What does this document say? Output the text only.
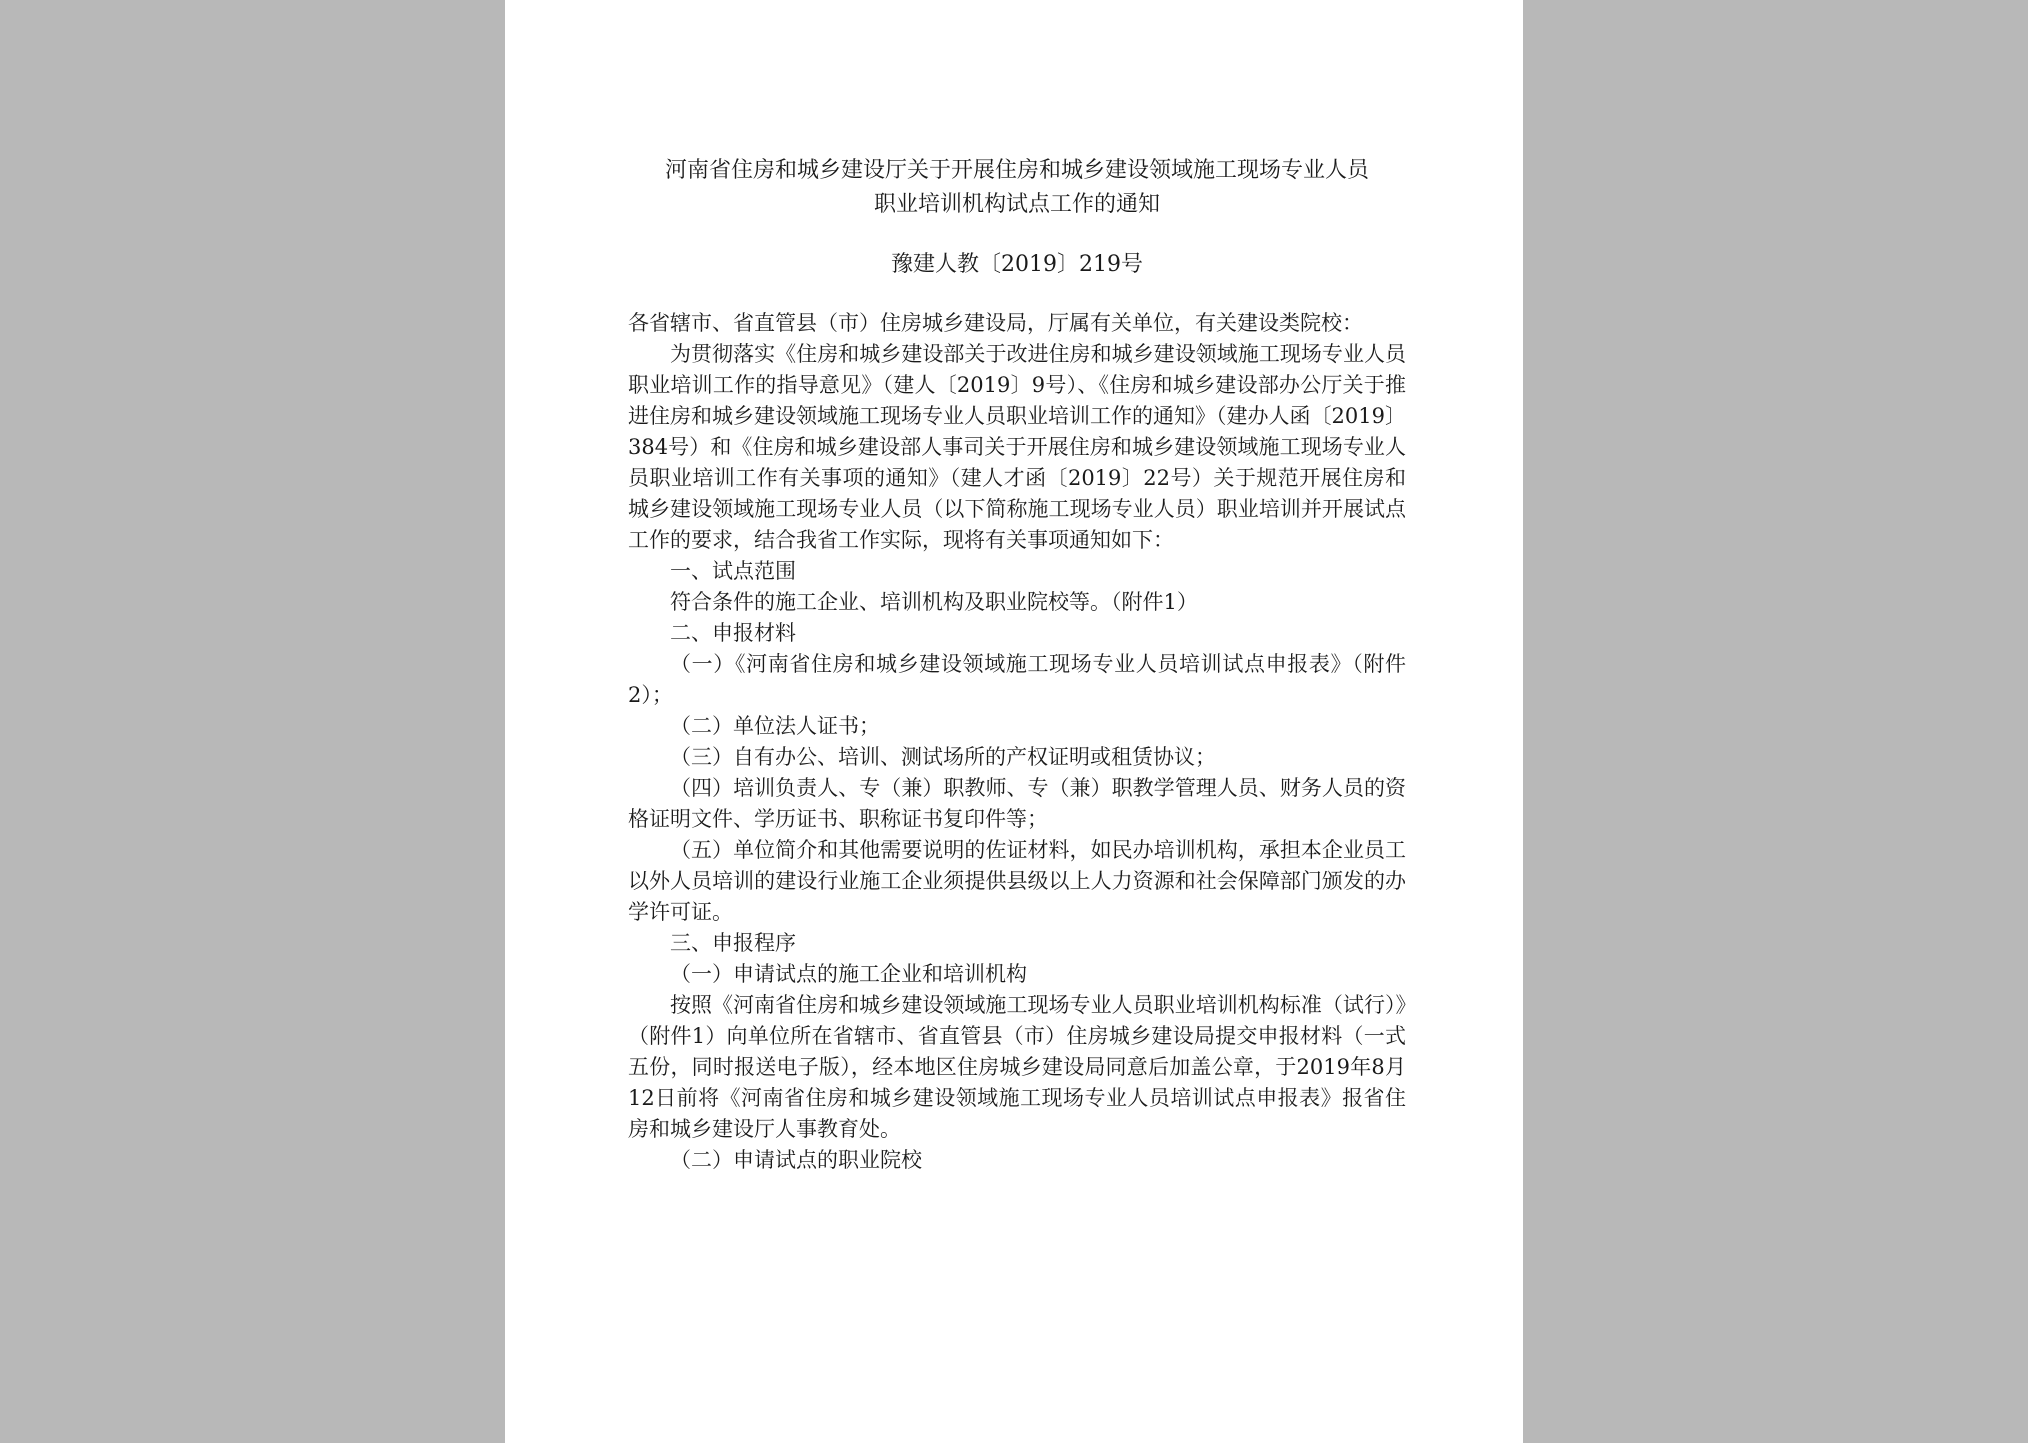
河南省住房和城乡建设厅关于开展住房和城乡建设领域施工现场专业人员
职业培训机构试点工作的通知

豫建人教〔2019〕219号

各省辖市、省直管县（市）住房城乡建设局，厅属有关单位，有关建设类院校：

为贯彻落实《住房和城乡建设部关于改进住房和城乡建设领域施工现场专业人员职业培训工作的指导意见》（建人〔2019〕9号）、《住房和城乡建设部办公厅关于推进住房和城乡建设领域施工现场专业人员职业培训工作的通知》（建办人函〔2019〕384号）和《住房和城乡建设部人事司关于开展住房和城乡建设领域施工现场专业人员职业培训工作有关事项的通知》（建人才函〔2019〕22号）关于规范开展住房和城乡建设领域施工现场专业人员（以下简称施工现场专业人员）职业培训并开展试点工作的要求，结合我省工作实际，现将有关事项通知如下：

一、试点范围

符合条件的施工企业、培训机构及职业院校等。（附件1）

二、申报材料

（一）《河南省住房和城乡建设领域施工现场专业人员培训试点申报表》（附件2）；

（二）单位法人证书；

（三）自有办公、培训、测试场所的产权证明或租赁协议；

（四）培训负责人、专（兼）职教师、专（兼）职教学管理人员、财务人员的资格证明文件、学历证书、职称证书复印件等；

（五）单位简介和其他需要说明的佐证材料，如民办培训机构，承担本企业员工以外人员培训的建设行业施工企业须提供县级以上人力资源和社会保障部门颁发的办学许可证。

三、申报程序

（一）申请试点的施工企业和培训机构

按照《河南省住房和城乡建设领域施工现场专业人员职业培训机构标准（试行）》（附件1）向单位所在省辖市、省直管县（市）住房城乡建设局提交申报材料（一式五份，同时报送电子版），经本地区住房城乡建设局同意后加盖公章，于2019年8月12日前将《河南省住房和城乡建设领域施工现场专业人员培训试点申报表》报省住房和城乡建设厅人事教育处。

（二）申请试点的职业院校
